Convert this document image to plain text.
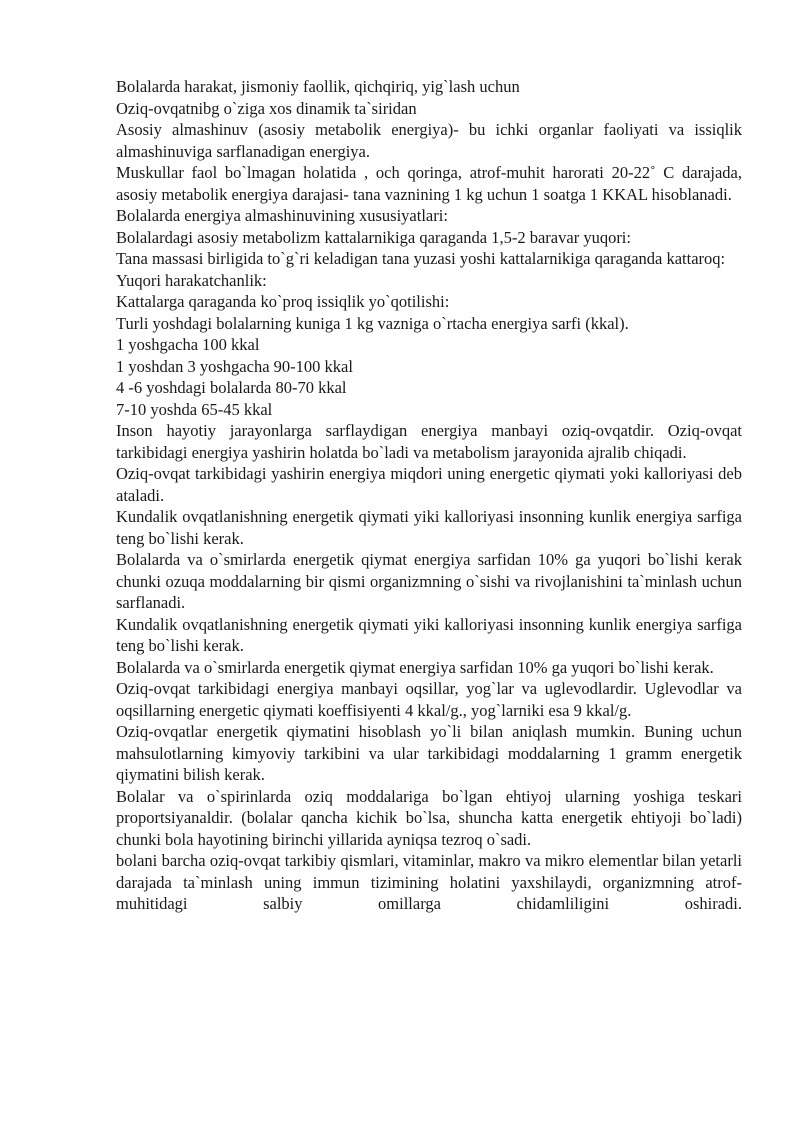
Bolalarda harakat, jismoniy faollik, qichqiriq, yig`lash uchun

Oziq-ovqatnibg o`ziga xos dinamik ta`siridan

Asosiy almashinuv (asosiy metabolik energiya)- bu ichki organlar faoliyati va issiqlik almashinuviga sarflanadigan energiya.

Muskullar faol bo`lmagan holatida , och qoringa, atrof-muhit harorati 20-22˚ C darajada, asosiy metabolik energiya darajasi- tana vaznining 1 kg uchun 1 soatga 1 KKAL hisoblanadi.

Bolalarda energiya almashinuvining xususiyatlari:

Bolalardagi asosiy metabolizm kattalarnikiga qaraganda 1,5-2 baravar yuqori:

Tana massasi birligida to`g`ri keladigan tana yuzasi yoshi kattalarnikiga qaraganda kattaroq:

Yuqori harakatchanlik:

Kattalarga qaraganda ko`proq issiqlik yo`qotilishi:

Turli yoshdagi bolalarning kuniga 1 kg vazniga o`rtacha energiya sarfi (kkal).

1 yoshgacha 100 kkal

1 yoshdan 3 yoshgacha 90-100 kkal

4 -6 yoshdagi bolalarda 80-70 kkal

7-10 yoshda 65-45 kkal

Inson hayotiy jarayonlarga sarflaydigan energiya manbayi oziq-ovqatdir. Oziq-ovqat tarkibidagi energiya yashirin holatda bo`ladi va metabolism jarayonida ajralib chiqadi.

Oziq-ovqat tarkibidagi yashirin energiya miqdori uning energetic qiymati yoki kalloriyasi deb ataladi.

Kundalik ovqatlanishning energetik qiymati yiki kalloriyasi insonning kunlik energiya sarfiga teng bo`lishi kerak.

Bolalarda va o`smirlarda energetik qiymat energiya sarfidan 10% ga yuqori bo`lishi kerak chunki ozuqa moddalarning bir qismi organizmning o`sishi va rivojlanishini ta`minlash uchun sarflanadi.

Kundalik ovqatlanishning energetik qiymati yiki kalloriyasi insonning kunlik energiya sarfiga teng bo`lishi kerak.

Bolalarda va o`smirlarda energetik qiymat energiya sarfidan 10% ga yuqori bo`lishi kerak.

Oziq-ovqat tarkibidagi energiya manbayi oqsillar, yog`lar va uglevodlardir. Uglevodlar va oqsillarning energetic qiymati koeffisiyenti 4 kkal/g., yog`larniki esa 9 kkal/g.

Oziq-ovqatlar energetik qiymatini hisoblash yo`li bilan aniqlash mumkin. Buning uchun mahsulotlarning kimyoviy tarkibini va ular tarkibidagi moddalarning 1 gramm energetik qiymatini bilish kerak.

Bolalar va o`spirinlarda oziq moddalariga bo`lgan ehtiyoj ularning yoshiga teskari proportsiyanaldir. (bolalar qancha kichik bo`lsa, shuncha katta energetik ehtiyoji bo`ladi) chunki bola hayotining birinchi yillarida ayniqsa tezroq o`sadi.

bolani barcha oziq-ovqat tarkibiy qismlari, vitaminlar, makro va mikro elementlar bilan yetarli darajada ta`minlash uning immun tizimining holatini yaxshilaydi, organizmning atrof-muhitidagi salbiy omillarga chidamliligini oshiradi.
